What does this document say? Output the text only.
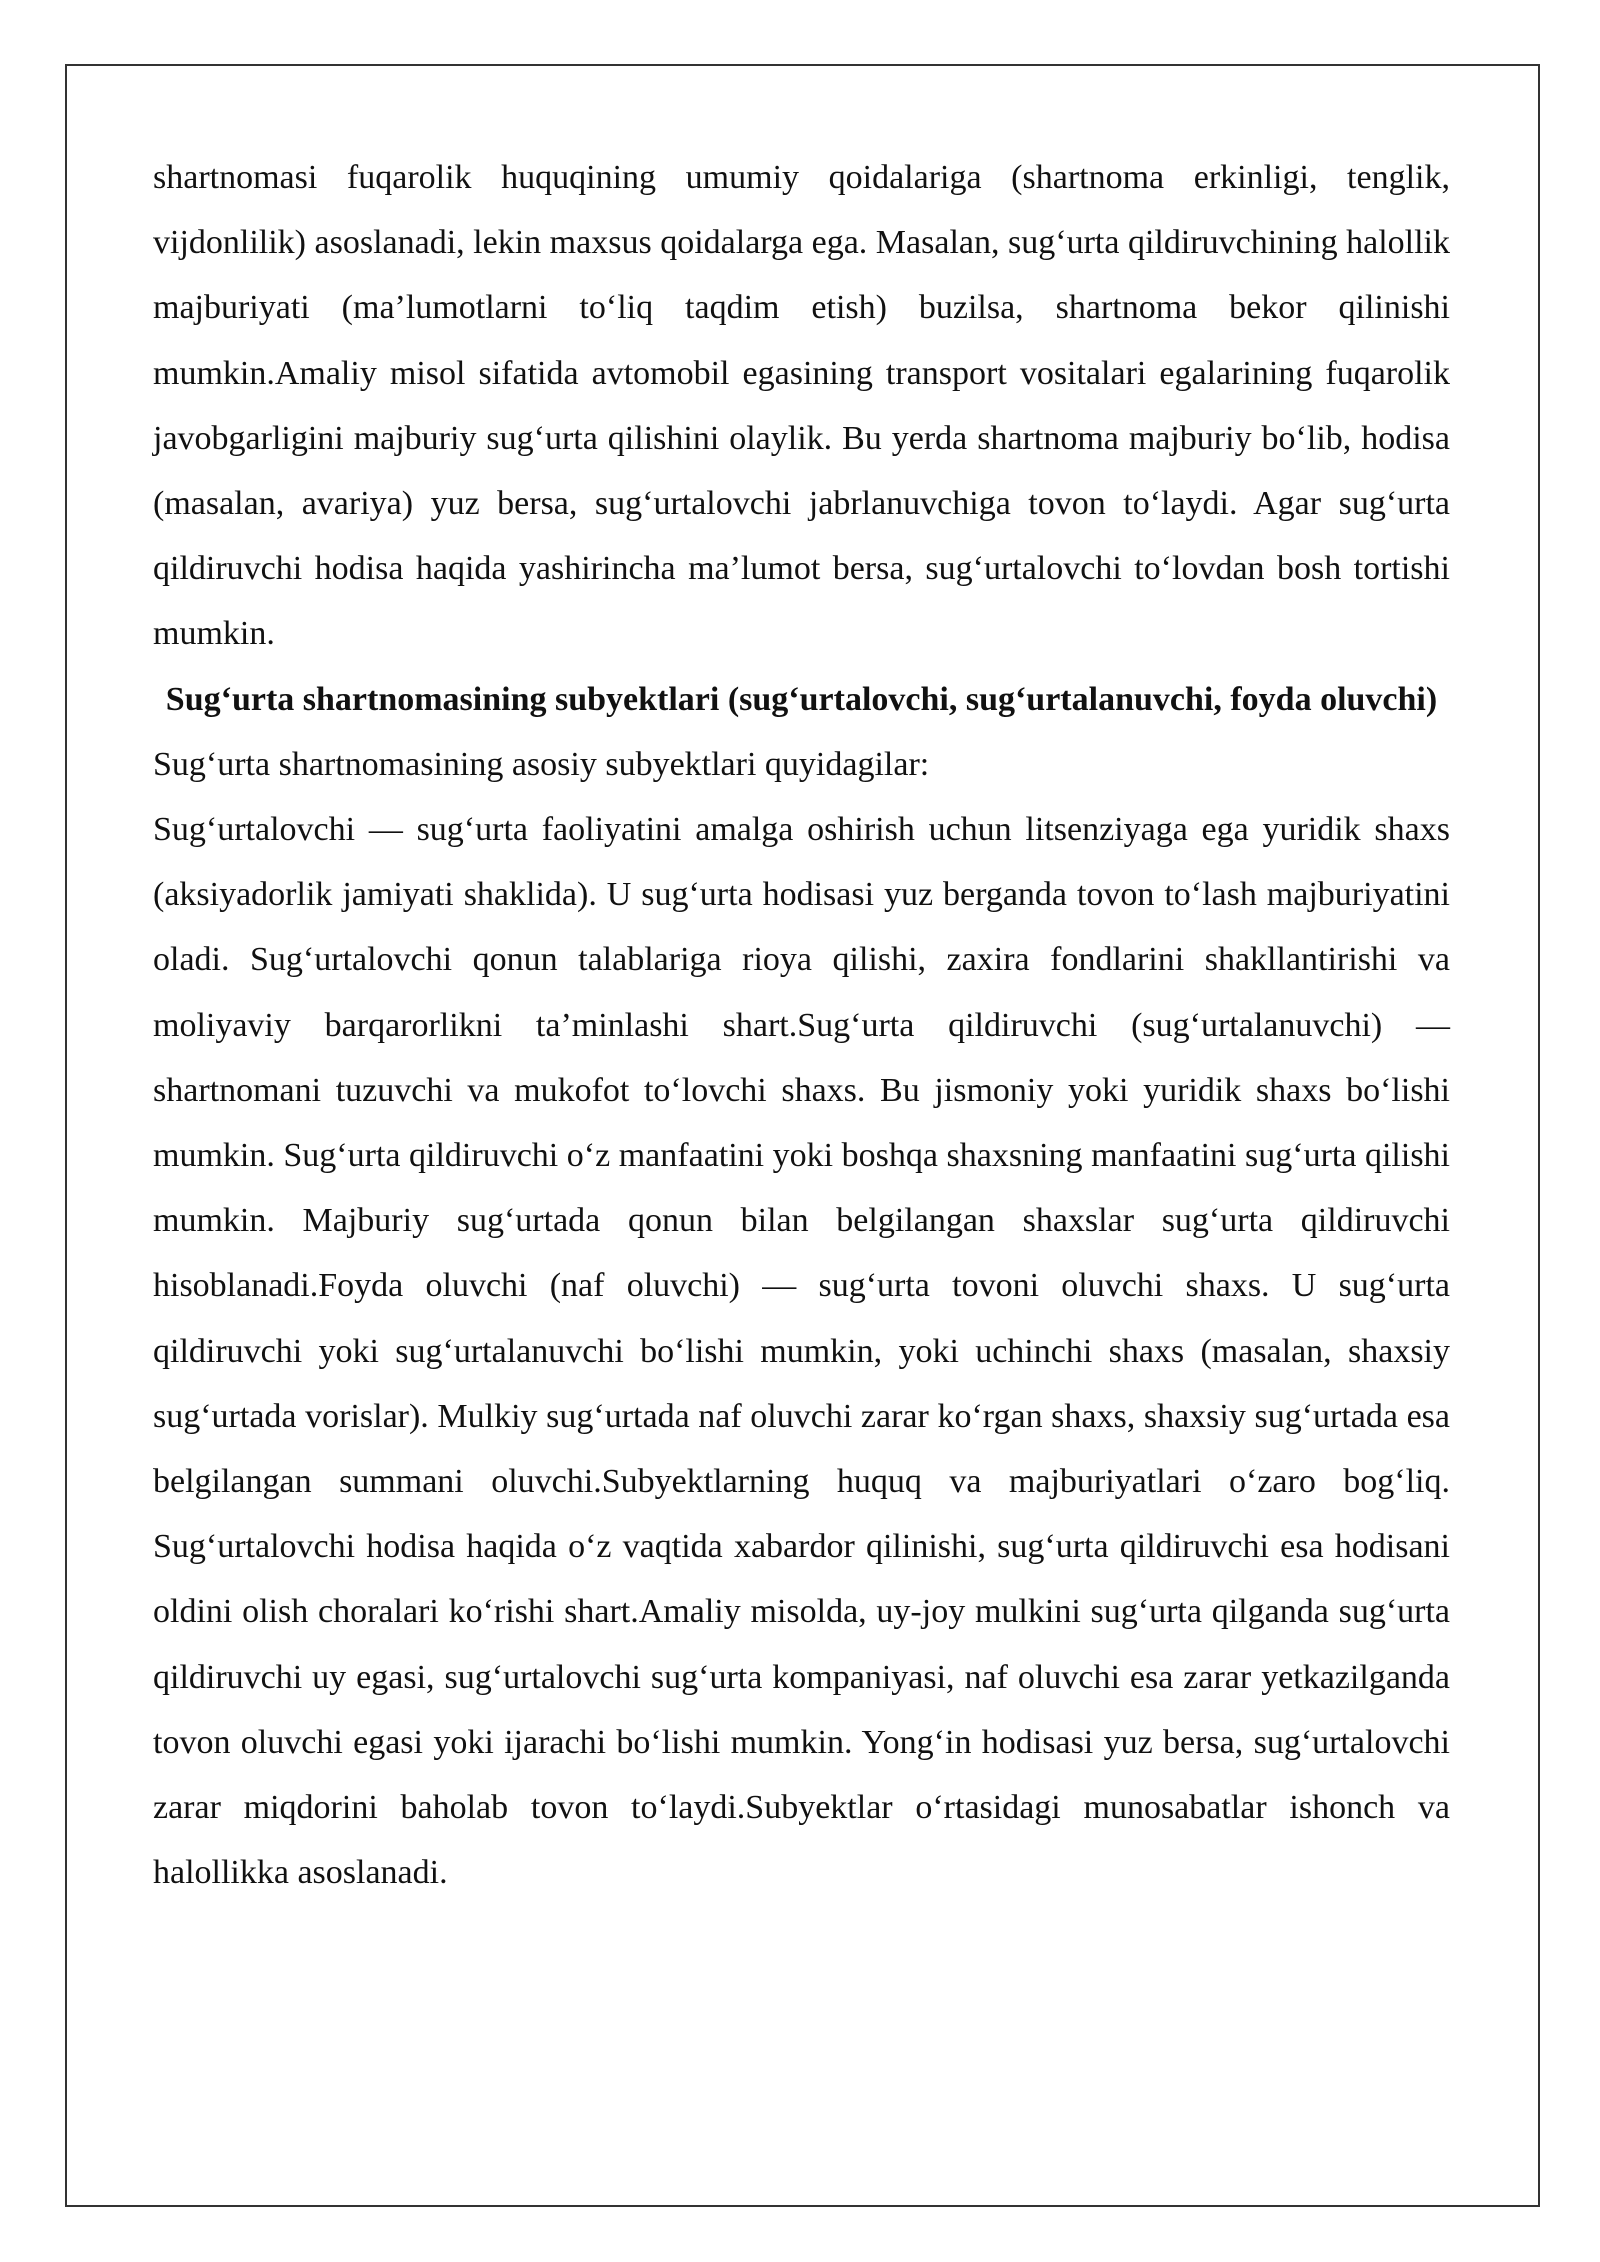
shartnomasi fuqarolik huquqining umumiy qoidalariga (shartnoma erkinligi, tenglik, vijdonlilik) asoslanadi, lekin maxsus qoidalarga ega. Masalan, sug‘urta qildiruvchining halollik majburiyati (ma’lumotlarni to‘liq taqdim etish) buzilsa, shartnoma bekor qilinishi mumkin.Amaliy misol sifatida avtomobil egasining transport vositalari egalarining fuqarolik javobgarligini majburiy sug‘urta qilishini olaylik. Bu yerda shartnoma majburiy bo‘lib, hodisa (masalan, avariya) yuz bersa, sug‘urtalovchi jabrlanuvchiga tovon to‘laydi. Agar sug‘urta qildiruvchi hodisa haqida yashirincha ma’lumot bersa, sug‘urtalovchi to‘lovdan bosh tortishi mumkin.

Sug‘urta shartnomasining subyektlari (sug‘urtalovchi, sug‘urtalanuvchi, foyda oluvchi)

Sug‘urta shartnomasining asosiy subyektlari quyidagilar:

Sug‘urtalovchi — sug‘urta faoliyatini amalga oshirish uchun litsenziyaga ega yuridik shaxs (aksiyadorlik jamiyati shaklida). U sug‘urta hodisasi yuz berganda tovon to‘lash majburiyatini oladi. Sug‘urtalovchi qonun talablariga rioya qilishi, zaxira fondlarini shakllantirishi va moliyaviy barqarorlikni ta’minlashi shart.Sug‘urta qildiruvchi (sug‘urtalanuvchi) — shartnomani tuzuvchi va mukofot to‘lovchi shaxs. Bu jismoniy yoki yuridik shaxs bo‘lishi mumkin. Sug‘urta qildiruvchi o‘z manfaatini yoki boshqa shaxsning manfaatini sug‘urta qilishi mumkin. Majburiy sug‘urtada qonun bilan belgilangan shaxslar sug‘urta qildiruvchi hisoblanadi.Foyda oluvchi (naf oluvchi) — sug‘urta tovoni oluvchi shaxs. U sug‘urta qildiruvchi yoki sug‘urtalanuvchi bo‘lishi mumkin, yoki uchinchi shaxs (masalan, shaxsiy sug‘urtada vorislar). Mulkiy sug‘urtada naf oluvchi zarar ko‘rgan shaxs, shaxsiy sug‘urtada esa belgilangan summani oluvchi.Subyektlarning huquq va majburiyatlari o‘zaro bog‘liq. Sug‘urtalovchi hodisa haqida o‘z vaqtida xabardor qilinishi, sug‘urta qildiruvchi esa hodisani oldini olish choralari ko‘rishi shart.Amaliy misolda, uy-joy mulkini sug‘urta qilganda sug‘urta qildiruvchi uy egasi, sug‘urtalovchi sug‘urta kompaniyasi, naf oluvchi esa zarar yetkazilganda tovon oluvchi egasi yoki ijarachi bo‘lishi mumkin. Yong‘in hodisasi yuz bersa, sug‘urtalovchi zarar miqdorini baholab tovon to‘laydi.Subyektlar o‘rtasidagi munosabatlar ishonch va halollikka asoslanadi.
